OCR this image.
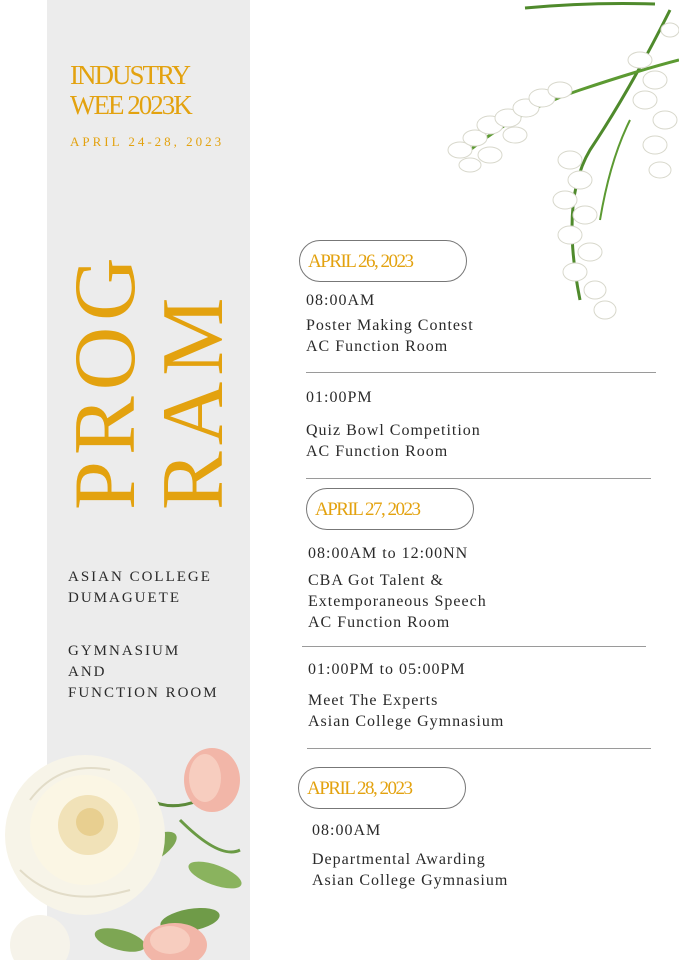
INDUSTRY
WEE 2023K
APRIL 24-28, 2023
PROG
RAM
ASIAN COLLEGE
DUMAGUETE
GYMNASIUM
AND
FUNCTION ROOM
APRIL 26, 2023
08:00AM
Poster Making Contest
AC Function Room
01:00PM
Quiz Bowl Competition
AC Function Room
APRIL 27, 2023
08:00AM to 12:00NN
CBA Got Talent &
Extemporaneous Speech
AC Function Room
01:00PM to 05:00PM
Meet The Experts
Asian College Gymnasium
APRIL 28, 2023
08:00AM
Departmental Awarding
Asian College Gymnasium
